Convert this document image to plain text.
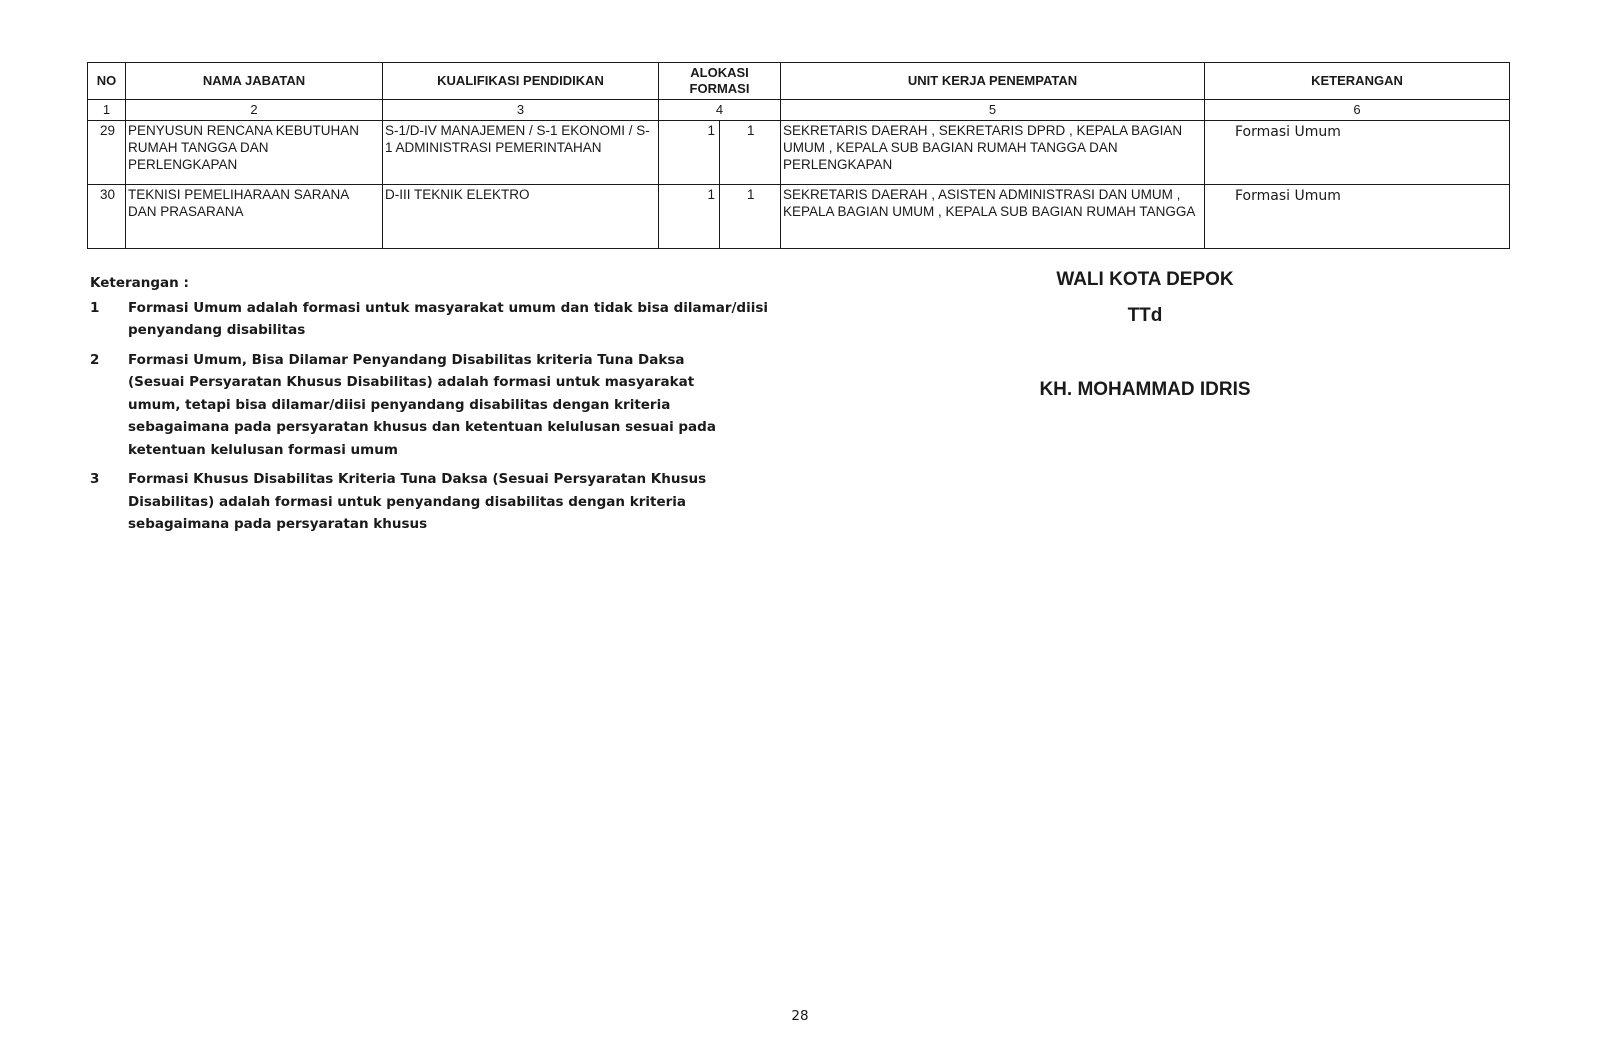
NO	NAMA JABATAN	KUALIFIKASI PENDIDIKAN	ALOKASI FORMASI		UNIT KERJA PENEMPATAN	KETERANGAN
1	2	3	4		5	6
29	PENYUSUN RENCANA KEBUTUHAN RUMAH TANGGA DAN PERLENGKAPAN	S-1/D-IV MANAJEMEN / S-1 EKONOMI / S-1 ADMINISTRASI PEMERINTAHAN	1	1	SEKRETARIS DAERAH , SEKRETARIS DPRD , KEPALA BAGIAN UMUM , KEPALA SUB BAGIAN RUMAH TANGGA DAN PERLENGKAPAN	Formasi Umum
30	TEKNISI PEMELIHARAAN SARANA DAN PRASARANA	D-III TEKNIK ELEKTRO	1	1	SEKRETARIS DAERAH , ASISTEN ADMINISTRASI DAN UMUM , KEPALA BAGIAN UMUM , KEPALA SUB BAGIAN RUMAH TANGGA	Formasi Umum
Keterangan :
1	Formasi Umum adalah formasi untuk masyarakat umum dan tidak bisa dilamar/diisi penyandang disabilitas
2	Formasi Umum, Bisa Dilamar Penyandang Disabilitas kriteria Tuna Daksa (Sesuai Persyaratan Khusus Disabilitas) adalah formasi untuk masyarakat umum, tetapi bisa dilamar/diisi penyandang disabilitas dengan kriteria sebagaimana pada persyaratan khusus dan ketentuan kelulusan sesuai pada ketentuan kelulusan formasi umum
3	Formasi Khusus Disabilitas Kriteria Tuna Daksa (Sesuai Persyaratan Khusus Disabilitas) adalah formasi untuk penyandang disabilitas dengan kriteria sebagaimana pada persyaratan khusus
WALI KOTA DEPOK
TTd
KH. MOHAMMAD IDRIS
28
